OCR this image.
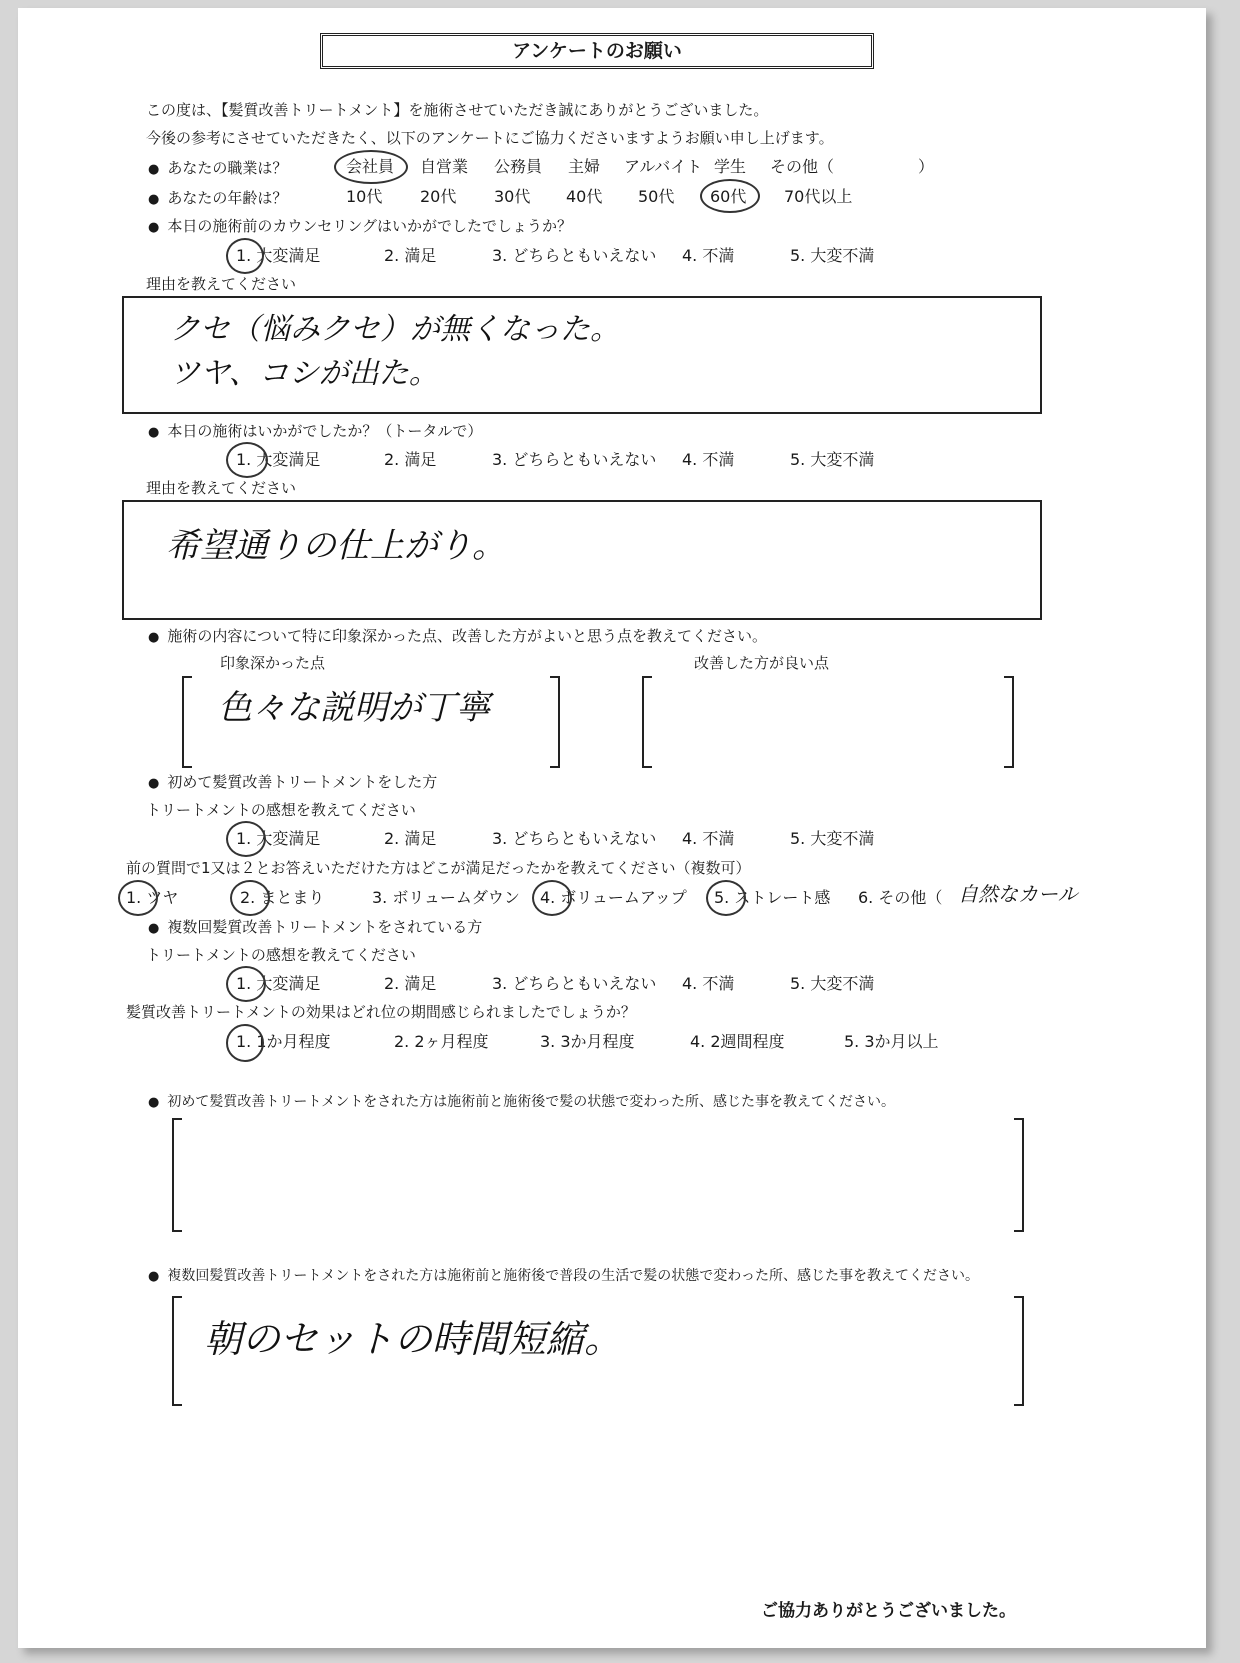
アンケートのお願い
この度は、【髪質改善トリートメント】を施術させていただき誠にありがとうございました。
今後の参考にさせていただきたく、以下のアンケートにご協力くださいますようお願い申し上げます。
● あなたの職業は？	会社員 自営業 公務員 主婦 アルバイト 学生 その他（	）
● あなたの年齢は？	10代 20代 30代 40代 50代 60代 70代以上
● 本日の施術前のカウンセリングはいかがでしたでしょうか？
1. 大変満足	2. 満足	3. どちらともいえない 4. 不満	5. 大変不満
理由を教えてください
クセ（悩みクセ）が無くなった。
ツヤ、コシが出た。
● 本日の施術はいかがでしたか？（トータルで）
1. 大変満足	2. 満足	3. どちらともいえない 4. 不満	5. 大変不満
理由を教えてください
希望通りの仕上がり。
● 施術の内容について特に印象深かった点、改善した方がよいと思う点を教えてください。
印象深かった点	改善した方が良い点
色々な説明が丁寧
● 初めて髪質改善トリートメントをした方
トリートメントの感想を教えてください
1. 大変満足	2. 満足	3. どちらともいえない 4. 不満	5. 大変不満
前の質問で1又は２とお答えいただけた方はどこが満足だったかを教えてください（複数可）
1. ツヤ	2. まとまり	3. ボリュームダウン 4. ボリュームアップ 5. ストレート感 6. その他（ 自然なカール
● 複数回髪質改善トリートメントをされている方
トリートメントの感想を教えてください
1. 大変満足	2. 満足	3. どちらともいえない 4. 不満	5. 大変不満
髪質改善トリートメントの効果はどれ位の期間感じられましたでしょうか？
1. 1か月程度	2. 2ヶ月程度	3. 3か月程度	4. 2週間程度	5. 3か月以上
● 初めて髪質改善トリートメントをされた方は施術前と施術後で髪の状態で変わった所、感じた事を教えてください。
● 複数回髪質改善トリートメントをされた方は施術前と施術後で普段の生活で髪の状態で変わった所、感じた事を教えてください。
朝のセットの時間短縮。
ご協力ありがとうございました。
